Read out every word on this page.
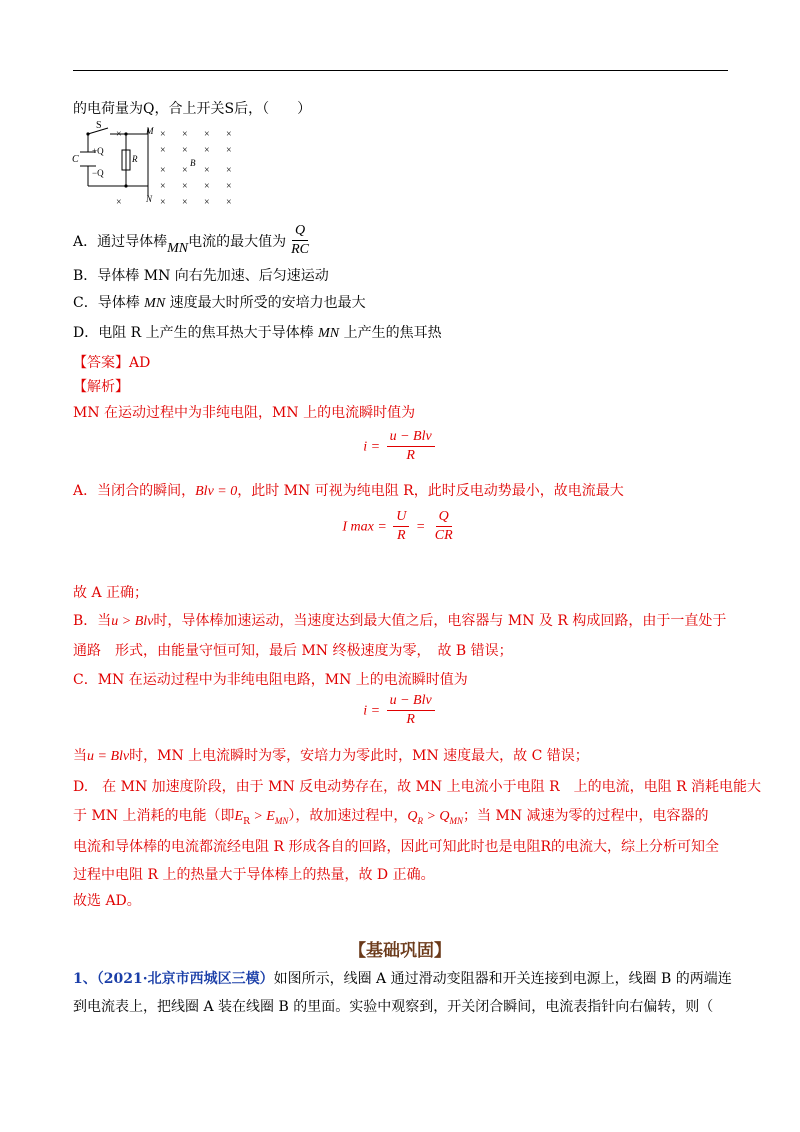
的电荷量为Q，合上开关S后，（　　）
S
C
+Q
−Q
R	B
M
N
×	× × × ×
× × × ×
× × × ×
× × × ×
×	× × × ×
A．通过导体棒 MN 电流的最大值为 $\frac{Q}{RC}$
B．导体棒 MN 向右先加速、后匀速运动
C．导体棒 MN 速度最大时所受的安培力也最大
D．电阻 R 上产生的焦耳热大于导体棒 MN 上产生的焦耳热
【答案】AD
【解析】
MN 在运动过程中为非纯电阻，MN 上的电流瞬时值为
$i = \frac{\text{u − Blv}}{R}$
A．当闭合的瞬间，Blv = 0，此时 MN 可视为纯电阻 R，此时反电动势最小，故电流最大
I $\max = \frac{U}{R} = \frac{Q}{CR}$
故 A 正确；
B．当u > Blv时，导体棒加速运动，当速度达到最大值之后，电容器与 MN 及 R 构成回路，由于一直处于
通路　形式，由能量守恒可知，最后 MN 终极速度为零，　故 B 错误；
C．MN 在运动过程中为非纯电阻电路，MN 上的电流瞬时值为
$i = \frac{\text{u − Blv}}{R}$
当u = Blv时，MN 上电流瞬时为零，安培力为零此时，MN 速度最大，故 C 错误；
D.　在 MN 加速度阶段，由于 MN 反电动势存在，故 MN 上电流小于电阻 R　上的电流，电阻 R 消耗电能大
于 MN 上消耗的电能（即$E_R > E_{MN}$），故加速过程中，$Q_R > Q_{MN}$；当 MN 减速为零的过程中，电容器的
电流和导体棒的电流都流经电阻 R 形成各自的回路，因此可知此时也是电阻R的电流大，综上分析可知全
过程中电阻 R 上的热量大于导体棒上的热量，故 D 正确。
故选 AD。
【基础巩固】
1、（2021·北京市西城区三模）如图所示，线圈 A 通过滑动变阻器和开关连接到电源上，线圈 B 的两端连
到电流表上，把线圈 A 装在线圈 B 的里面。实验中观察到，开关闭合瞬间，电流表指针向右偏转，则（
